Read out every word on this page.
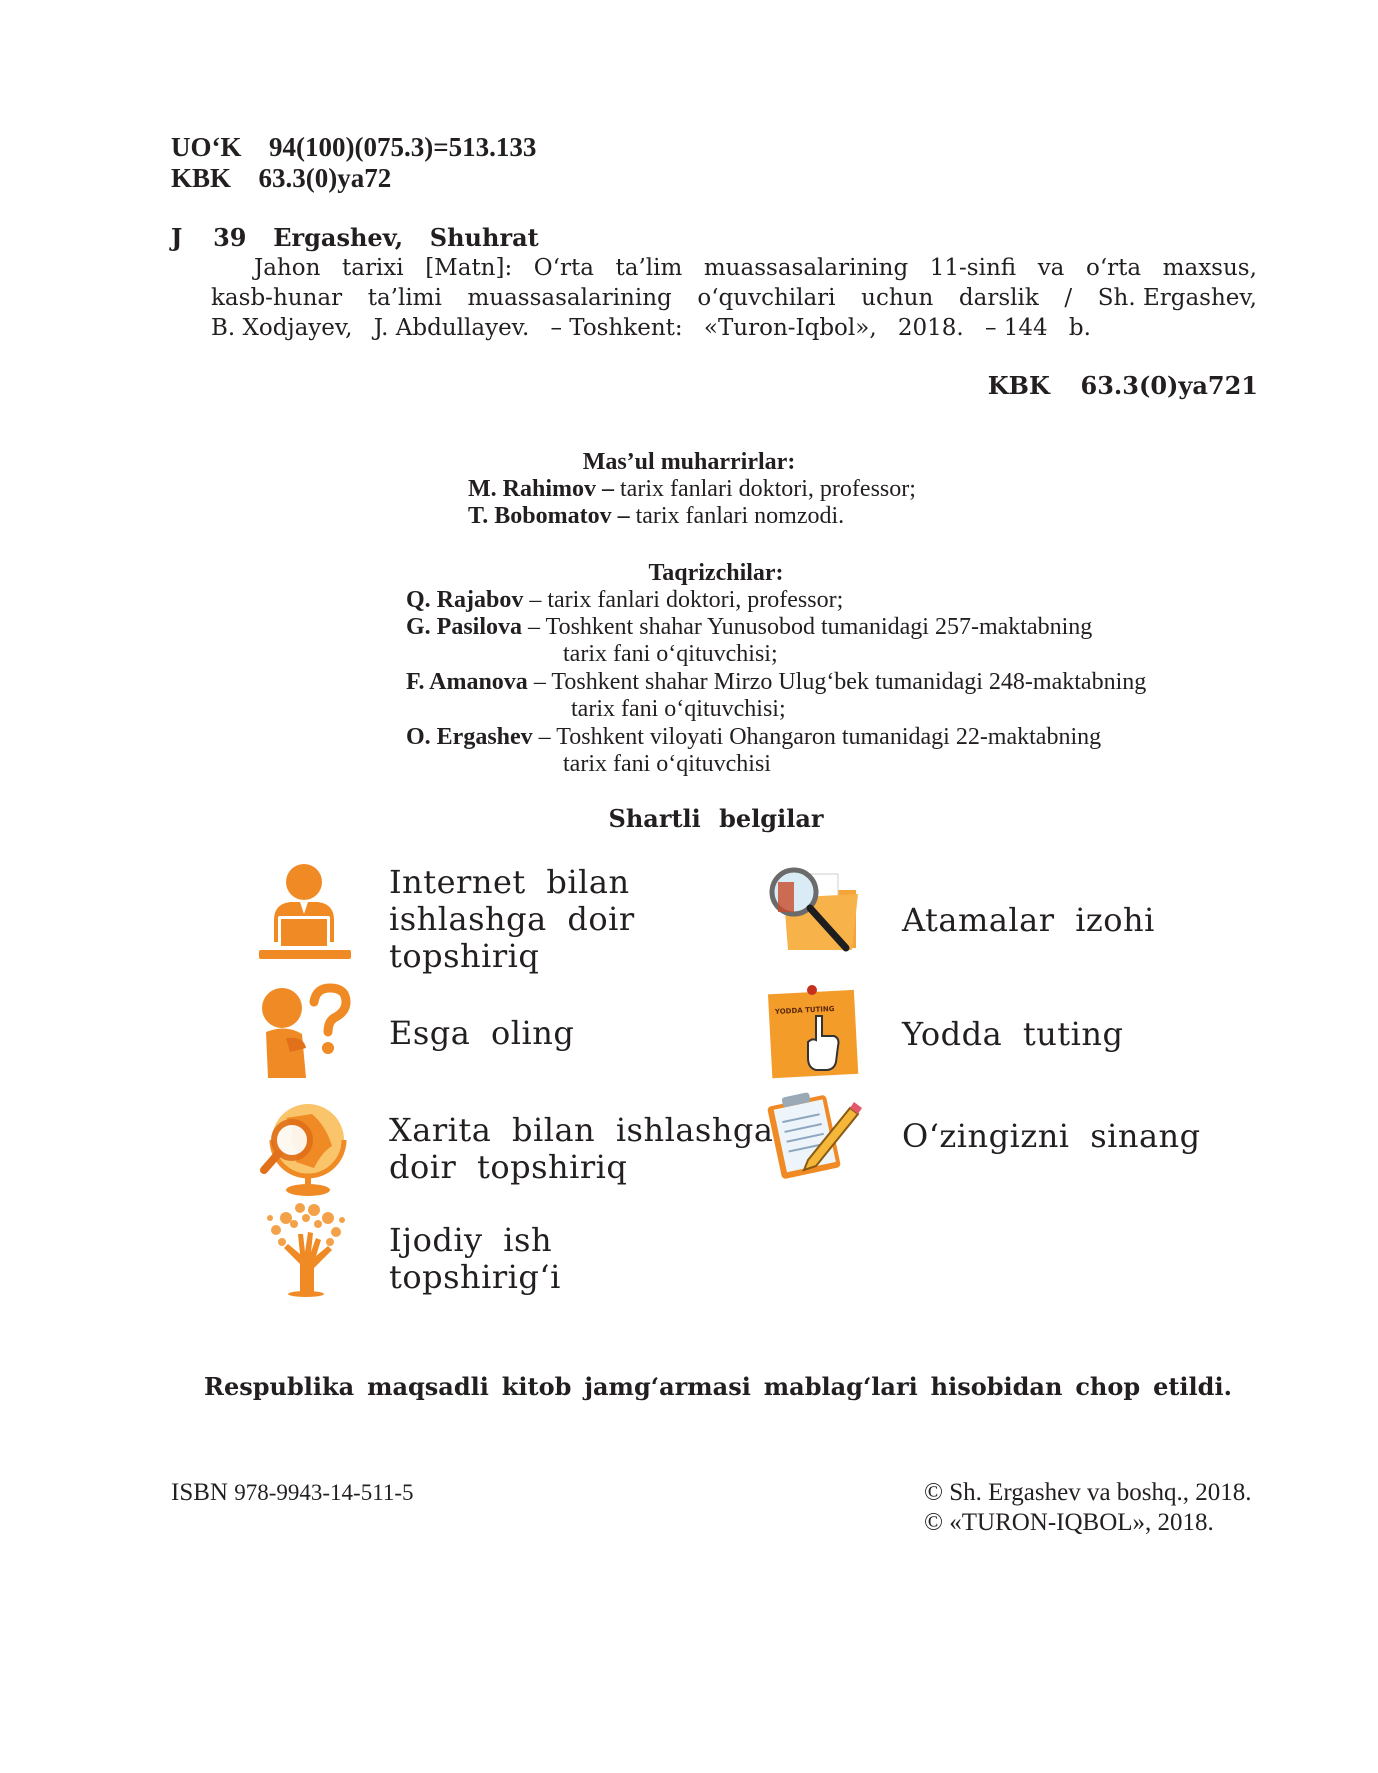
UO‘K 94(100)(075.3)=513.133
KBK 63.3(0)ya72
J 39 Ergashev, Shuhrat
Jahon tarixi [Matn]: O‘rta ta’lim muassasalarining 11-sinfi va o‘rta maxsus,
kasb-hunar ta’limi muassasalarining o‘quvchilari uchun darslik / Sh. Ergashev,
B. Xodjayev, J. Abdullayev. – Toshkent: «Turon-Iqbol», 2018. – 144 b.
KBK 63.3(0)ya721
Mas’ul muharrirlar:
M. Rahimov – tarix fanlari doktori, professor;
T. Bobomatov – tarix fanlari nomzodi.
Taqrizchilar:
Q. Rajabov – tarix fanlari doktori, professor;
G. Pasilova – Toshkent shahar Yunusobod tumanidagi 257-maktabning
tarix fani o‘qituvchisi;
F. Amanova – Toshkent shahar Mirzo Ulug‘bek tumanidagi 248-maktabning
tarix fani o‘qituvchisi;
O. Ergashev – Toshkent viloyati Ohangaron tumanidagi 22-maktabning
tarix fani o‘qituvchisi
Shartli belgilar
YODDA TUTING
Internet bilan
ishlashga doir
topshiriq
Atamalar izohi
Esga oling	Yodda tuting
Xarita bilan ishlashga
doir topshiriq
O‘zingizni sinang
Ijodiy ish
topshirig‘i
Respublika maqsadli kitob jamg‘armasi mablag‘lari hisobidan chop etildi.
ISBN 978-9943-14-511-5	© Sh. Ergashev va boshq., 2018.
© «TURON-IQBOL», 2018.
